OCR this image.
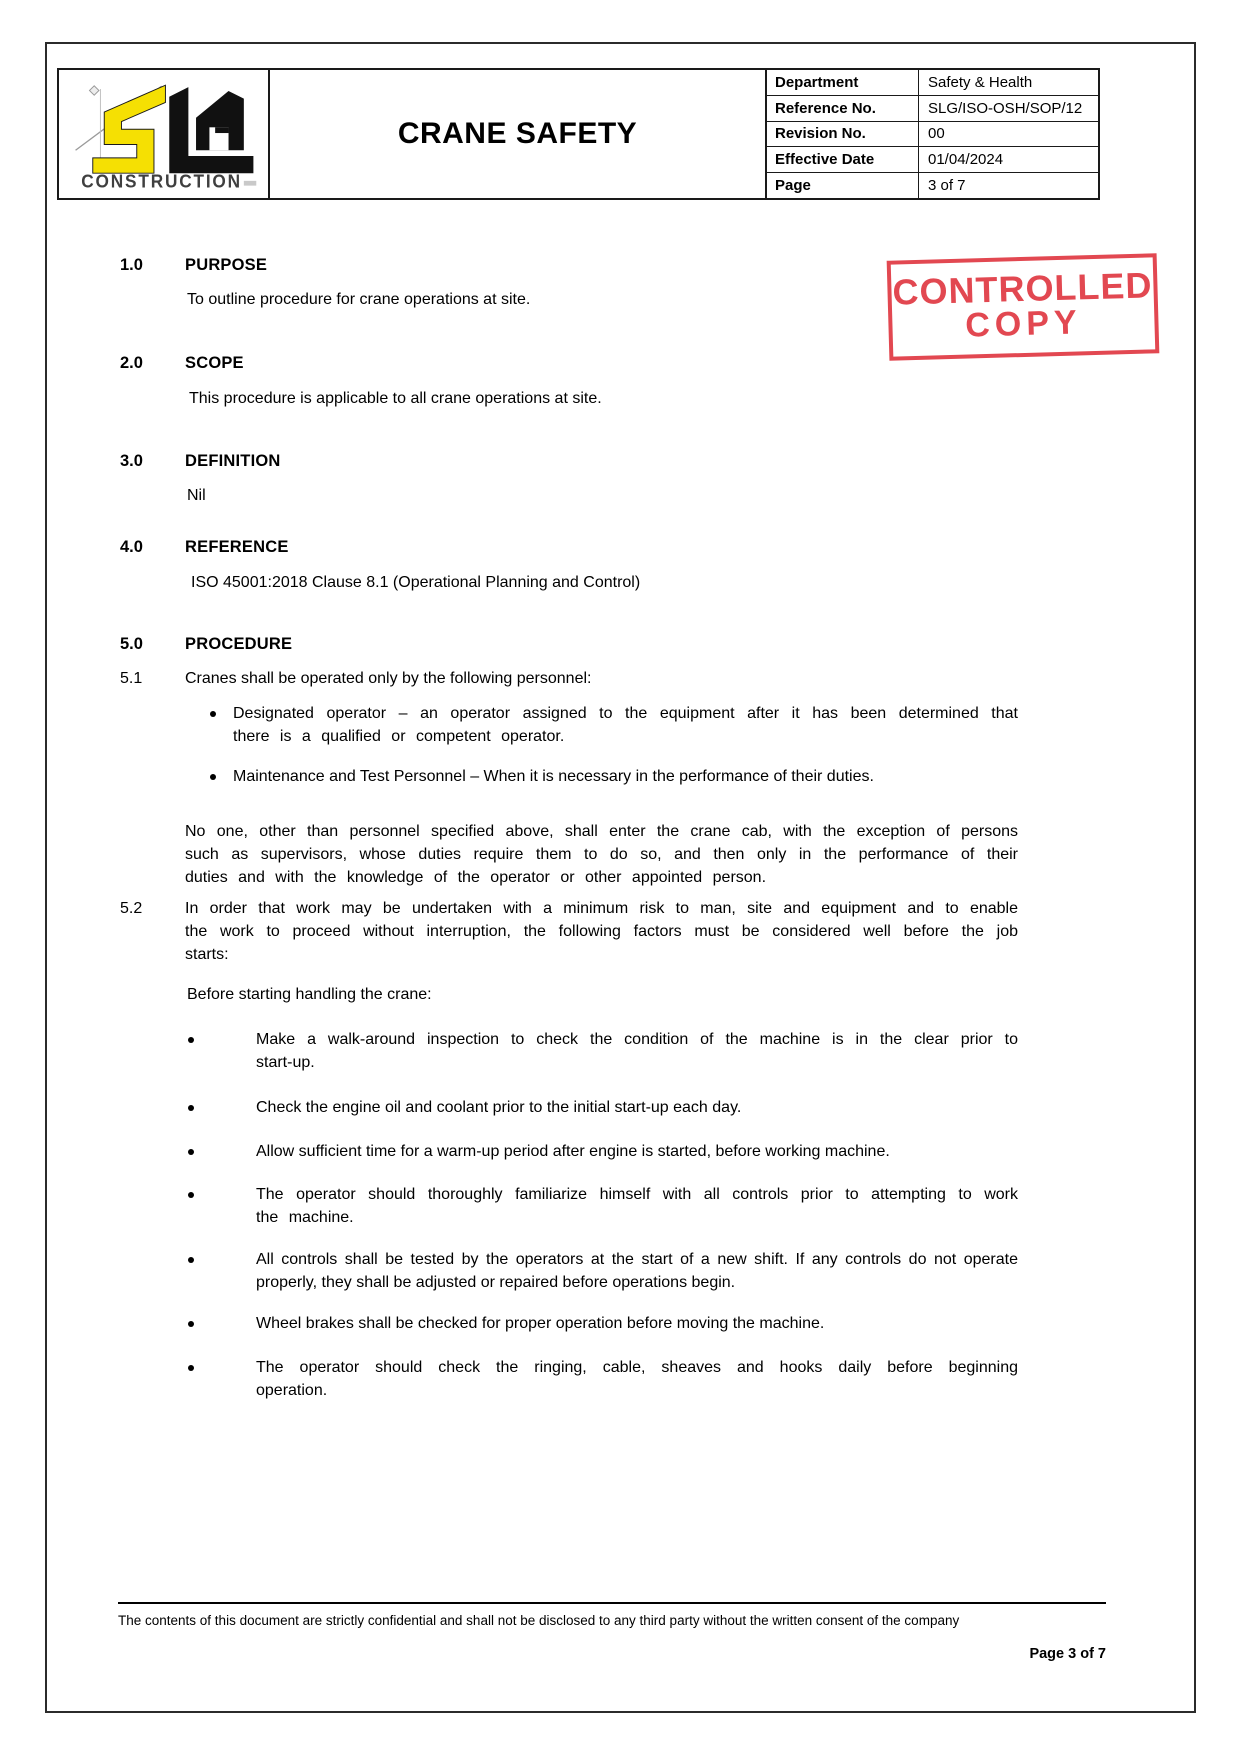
CONSTRUCTION
CRANE SAFETY
Department	Safety & Health
Reference No.	SLG/ISO-OSH/SOP/12
Revision No.	00
Effective Date	01/04/2024
Page	3 of 7
CONTROLLED
COPY
1.0	PURPOSE
To outline procedure for crane operations at site.
2.0	SCOPE
This procedure is applicable to all crane operations at site.
3.0	DEFINITION
Nil
4.0	REFERENCE
ISO 45001:2018 Clause 8.1 (Operational Planning and Control)
5.0	PROCEDURE
5.1	Cranes shall be operated only by the following personnel:
Designated operator – an operator assigned to the equipment after it has been determined that there is a qualified or competent operator.
Maintenance and Test Personnel – When it is necessary in the performance of their duties.
No one, other than personnel specified above, shall enter the crane cab, with the exception of persons such as supervisors, whose duties require them to do so, and then only in the performance of their duties and with the knowledge of the operator or other appointed person.
5.2	In order that work may be undertaken with a minimum risk to man, site and equipment and to enable the work to proceed without interruption, the following factors must be considered well before the job starts:
Before starting handling the crane:
Make a walk-around inspection to check the condition of the machine is in the clear prior to start-up.
Check the engine oil and coolant prior to the initial start-up each day.
Allow sufficient time for a warm-up period after engine is started, before working machine.
The operator should thoroughly familiarize himself with all controls prior to attempting to work the machine.
All controls shall be tested by the operators at the start of a new shift. If any controls do not operate properly, they shall be adjusted or repaired before operations begin.
Wheel brakes shall be checked for proper operation before moving the machine.
The operator should check the ringing, cable, sheaves and hooks daily before beginning operation.
The contents of this document are strictly confidential and shall not be disclosed to any third party without the written consent of the company
Page 3 of 7
